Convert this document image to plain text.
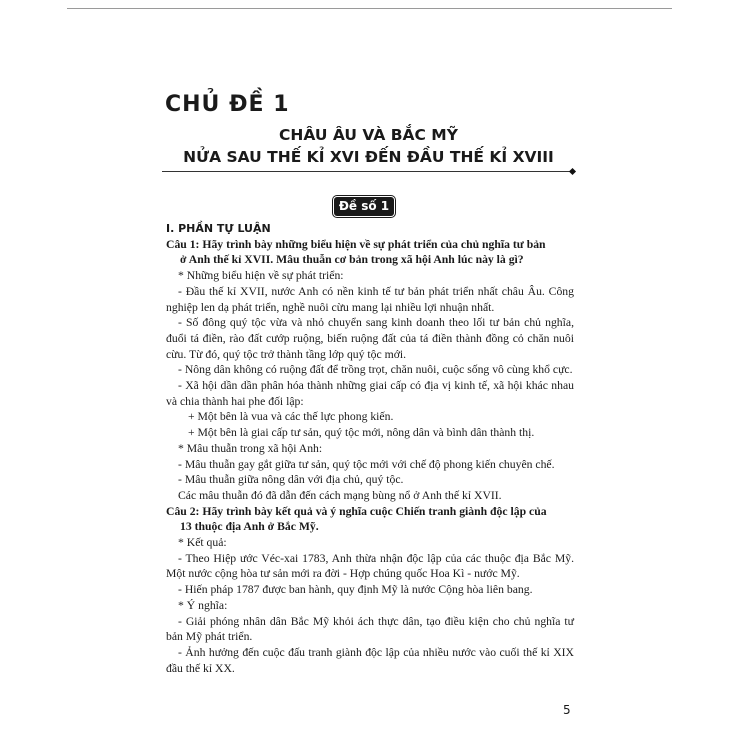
CHỦ ĐỀ 1
CHÂU ÂU VÀ BẮC MỸ
NỬA SAU THẾ KỈ XVI ĐẾN ĐẦU THẾ KỈ XVIII
Đề số 1
I. PHẦN TỰ LUẬN
Câu 1: Hãy trình bày những biểu hiện về sự phát triển của chủ nghĩa tư bản
ở Anh thế kỉ XVII. Mâu thuẫn cơ bản trong xã hội Anh lúc này là gì?
* Những biểu hiện về sự phát triển:
- Đầu thế kỉ XVII, nước Anh có nền kinh tế tư bản phát triển nhất châu Âu. Công nghiệp len dạ phát triển, nghề nuôi cừu mang lại nhiều lợi nhuận nhất.
- Số đông quý tộc vừa và nhỏ chuyển sang kinh doanh theo lối tư bản chủ nghĩa, đuổi tá điền, rào đất cướp ruộng, biến ruộng đất của tá điền thành đồng cỏ chăn nuôi cừu. Từ đó, quý tộc trở thành tầng lớp quý tộc mới.
- Nông dân không có ruộng đất để trồng trọt, chăn nuôi, cuộc sống vô cùng khổ cực.
- Xã hội dần dần phân hóa thành những giai cấp có địa vị kinh tế, xã hội khác nhau và chia thành hai phe đối lập:
+ Một bên là vua và các thế lực phong kiến.
+ Một bên là giai cấp tư sản, quý tộc mới, nông dân và bình dân thành thị.
* Mâu thuẫn trong xã hội Anh:
- Mâu thuẫn gay gắt giữa tư sản, quý tộc mới với chế độ phong kiến chuyên chế.
- Mâu thuẫn giữa nông dân với địa chủ, quý tộc.
Các mâu thuẫn đó đã dẫn đến cách mạng bùng nổ ở Anh thế kỉ XVII.
Câu 2: Hãy trình bày kết quả và ý nghĩa cuộc Chiến tranh giành độc lập của
13 thuộc địa Anh ở Bắc Mỹ.
* Kết quả:
- Theo Hiệp ước Véc-xai 1783, Anh thừa nhận độc lập của các thuộc địa Bắc Mỹ. Một nước cộng hòa tư sản mới ra đời - Hợp chúng quốc Hoa Kì - nước Mỹ.
- Hiến pháp 1787 được ban hành, quy định Mỹ là nước Cộng hòa liên bang.
* Ý nghĩa:
- Giải phóng nhân dân Bắc Mỹ khỏi ách thực dân, tạo điều kiện cho chủ nghĩa tư bản Mỹ phát triển.
- Ảnh hưởng đến cuộc đấu tranh giành độc lập của nhiều nước vào cuối thế kỉ XIX đầu thế kỉ XX.
5
